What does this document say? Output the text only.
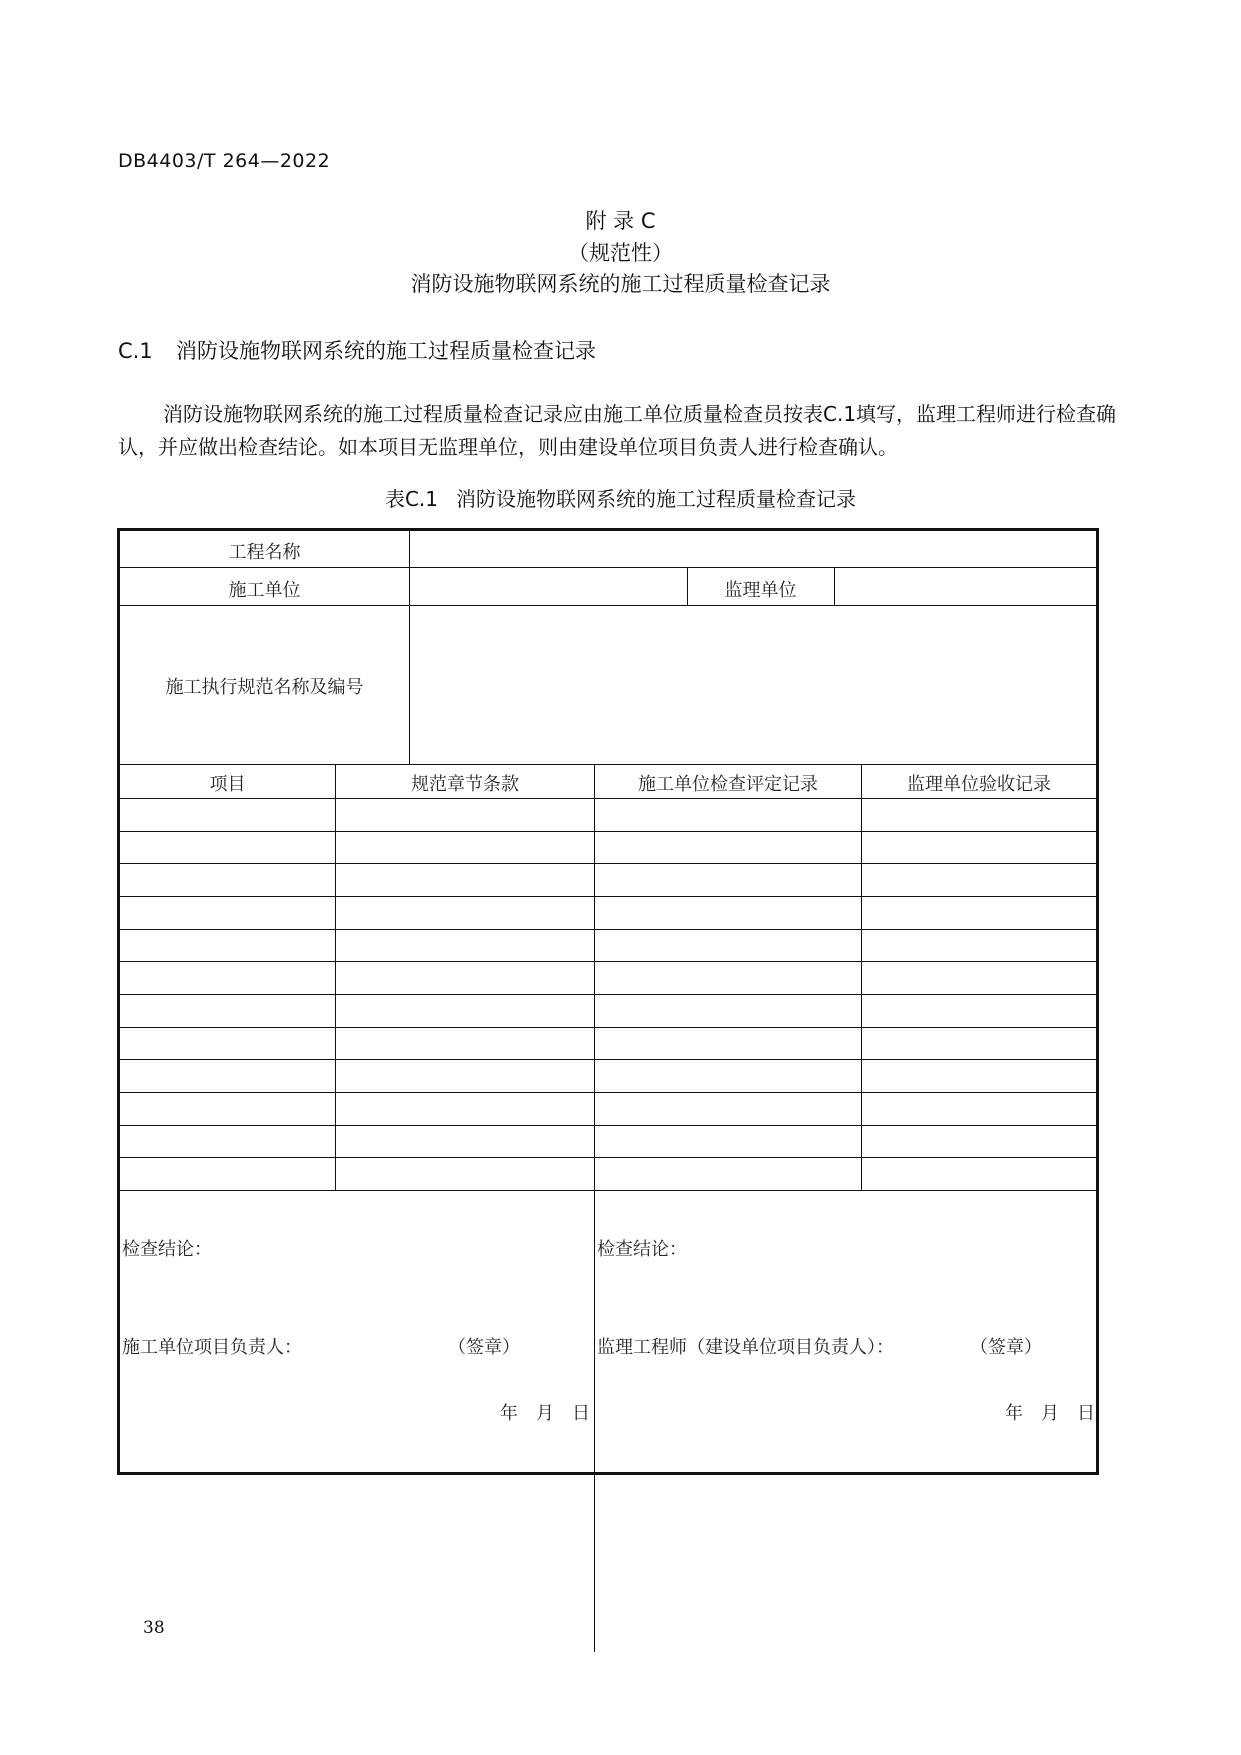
DB4403/T 264—2022
附 录 C
（规范性）
消防设施物联网系统的施工过程质量检查记录
C.1 消防设施物联网系统的施工过程质量检查记录
消防设施物联网系统的施工过程质量检查记录应由施工单位质量检查员按表C.1填写，监理工程师进行检查确认，并应做出检查结论。如本项目无监理单位，则由建设单位项目负责人进行检查确认。
表C.1 消防设施物联网系统的施工过程质量检查记录
工程名称
施工单位	监理单位
施工执行规范名称及编号
项目	规范章节条款	施工单位检查评定记录	监理单位验收记录
检查结论：
施工单位项目负责人：	（签章）
年　月　日
检查结论：
监理工程师（建设单位项目负责人）：	（签章）
年　月　日
38
